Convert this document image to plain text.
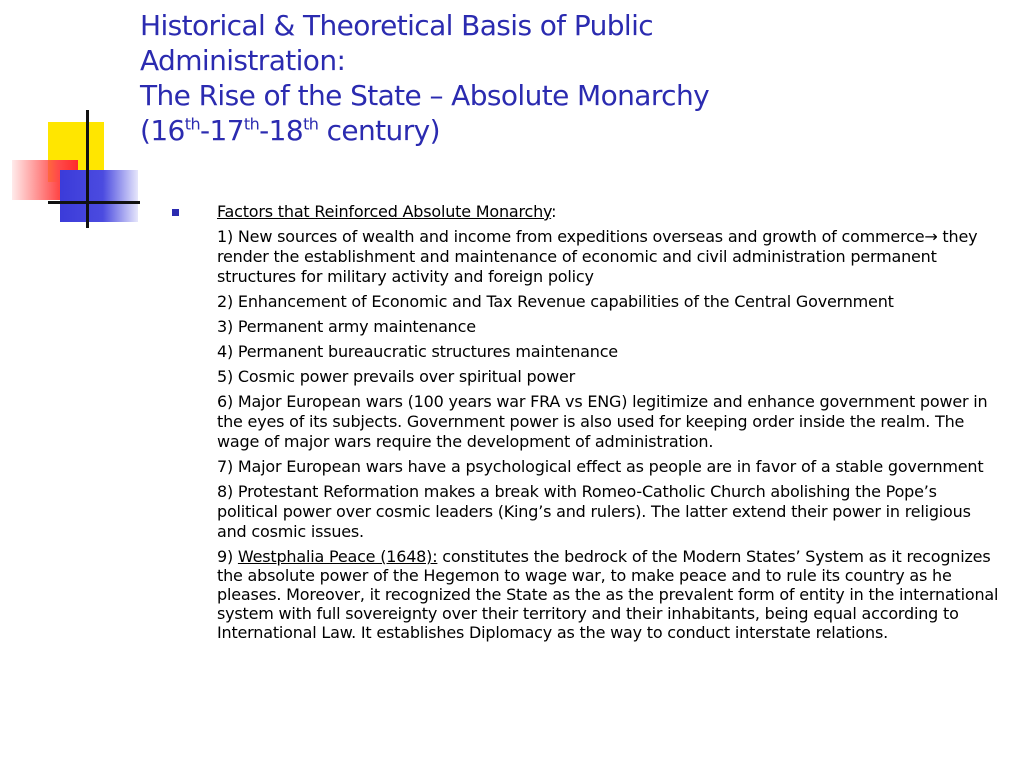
Historical & Theoretical Basis of Public
Administration:
The Rise of the State – Absolute Monarchy
(16th-17th-18th century)
Factors that Reinforced Absolute Monarchy:
1) New sources of wealth and income from expeditions overseas and growth of commerce→ they render the establishment and maintenance of economic and civil administration permanent structures for military activity and foreign policy
2) Enhancement of Economic and Tax Revenue capabilities of the Central Government
3) Permanent army maintenance
4) Permanent bureaucratic structures maintenance
5) Cosmic power prevails over spiritual power
6) Major European wars (100 years war FRA vs ENG) legitimize and enhance government power in the eyes of its subjects. Government power is also used for keeping order inside the realm. The wage of major wars require the development of administration.
7) Major European wars have a psychological effect as people are in favor of a stable government
8) Protestant Reformation makes a break with Romeo-Catholic Church abolishing the Pope’s political power over cosmic leaders (King’s and rulers). The latter extend their power in religious and cosmic issues.
9) Westphalia Peace (1648): constitutes the bedrock of the Modern States’ System as it recognizes the absolute power of the Hegemon to wage war, to make peace and to rule its country as he pleases. Moreover, it recognized the State as the as the prevalent form of entity in the international system with full sovereignty over their territory and their inhabitants, being equal according to International Law. It establishes Diplomacy as the way to conduct interstate relations.
